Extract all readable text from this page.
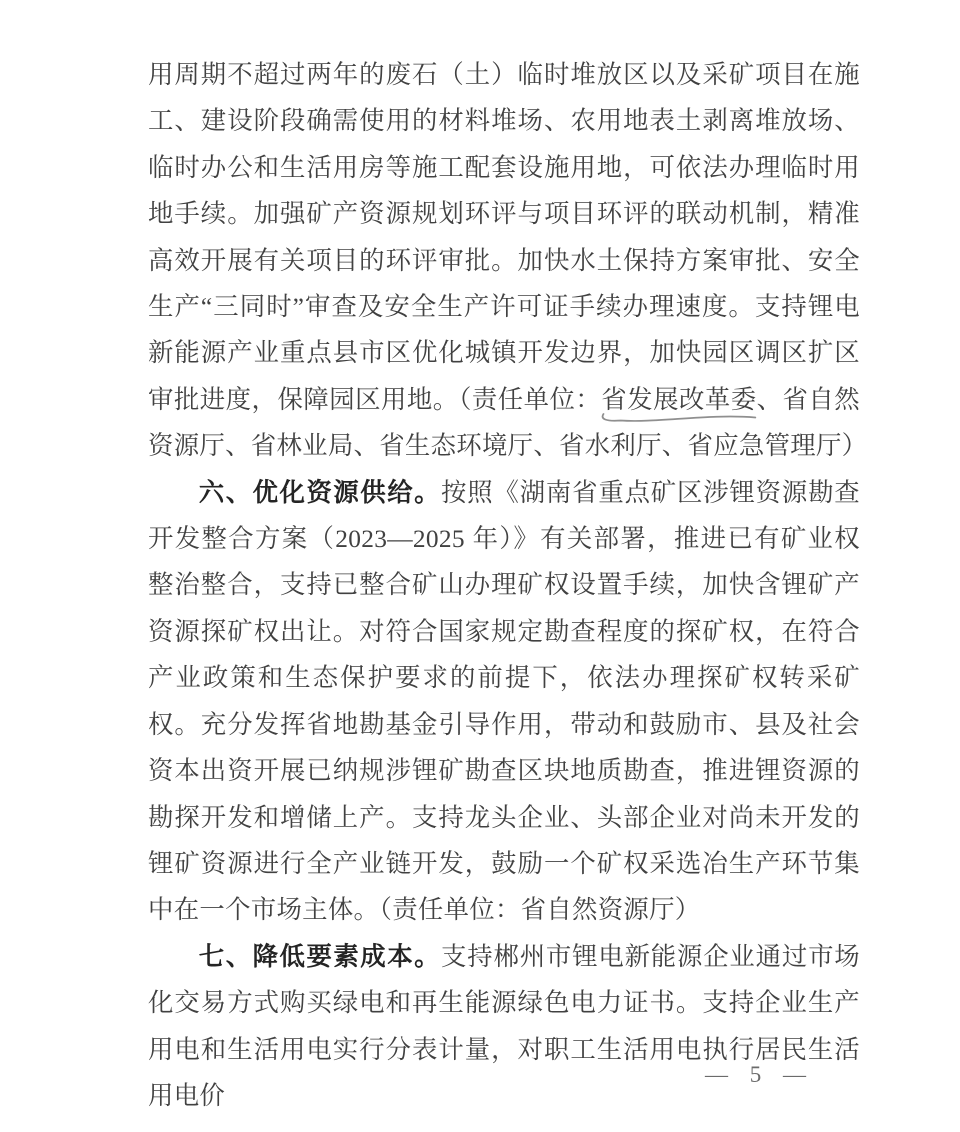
用周期不超过两年的废石（土）临时堆放区以及采矿项目在施工、建设阶段确需使用的材料堆场、农用地表土剥离堆放场、临时办公和生活用房等施工配套设施用地，可依法办理临时用地手续。加强矿产资源规划环评与项目环评的联动机制，精准高效开展有关项目的环评审批。加快水土保持方案审批、安全生产“三同时”审查及安全生产许可证手续办理速度。支持锂电新能源产业重点县市区优化城镇开发边界，加快园区调区扩区审批进度，保障园区用地。（责任单位：省发展改革委
、省自然资源厅、省林业局、省生态环境厅、省水利厅、省应急管理厅）

六、优化资源供给。按照《湖南省重点矿区涉锂资源勘查开发整合方案（2023—2025 年）》有关部署，推进已有矿业权整治整合，支持已整合矿山办理矿权设置手续，加快含锂矿产资源探矿权出让。对符合国家规定勘查程度的探矿权，在符合产业政策和生态保护要求的前提下，依法办理探矿权转采矿权。充分发挥省地勘基金引导作用，带动和鼓励市、县及社会资本出资开展已纳规涉锂矿勘查区块地质勘查，推进锂资源的勘探开发和增储上产。支持龙头企业、头部企业对尚未开发的锂矿资源进行全产业链开发，鼓励一个矿权采选冶生产环节集中在一个市场主体。（责任单位：省自然资源厅）

七、降低要素成本。支持郴州市锂电新能源企业通过市场化交易方式购买绿电和再生能源绿色电力证书。支持企业生产用电和生活用电实行分表计量，对职工生活用电执行居民生活用电价

— 5 —
